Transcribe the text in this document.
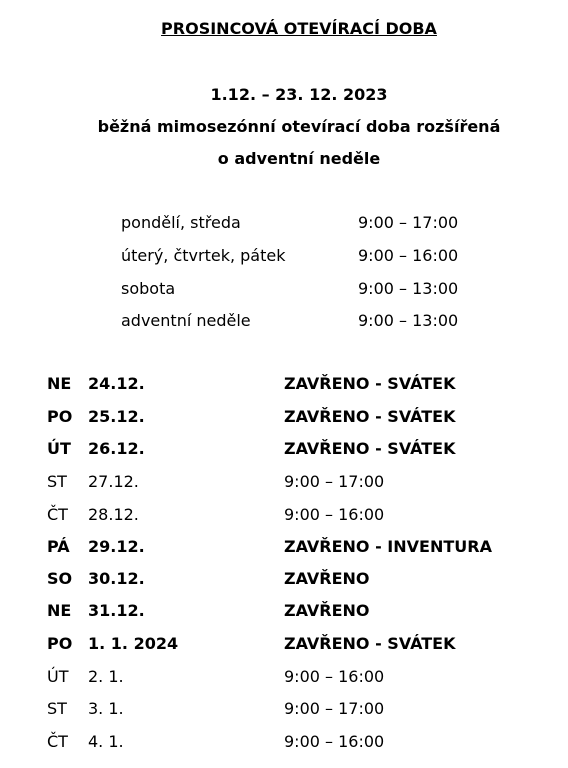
PROSINCOVÁ OTEVÍRACÍ DOBA
1.12. – 23. 12. 2023
běžná mimosezónní otevírací doba rozšířená
o adventní neděle
pondělí, středa	9:00 – 17:00
úterý, čtvrtek, pátek	9:00 – 16:00
sobota	9:00 – 13:00
adventní neděle	9:00 – 13:00
NE 24.12.	ZAVŘENO - SVÁTEK
PO 25.12.	ZAVŘENO - SVÁTEK
ÚT 26.12.	ZAVŘENO - SVÁTEK
ST 27.12.	9:00 – 17:00
ČT 28.12.	9:00 – 16:00
PÁ 29.12.	ZAVŘENO - INVENTURA
SO 30.12.	ZAVŘENO
NE 31.12.	ZAVŘENO
PO 1. 1. 2024	ZAVŘENO - SVÁTEK
ÚT 2. 1.	9:00 – 16:00
ST 3. 1.	9:00 – 17:00
ČT 4. 1.	9:00 – 16:00
